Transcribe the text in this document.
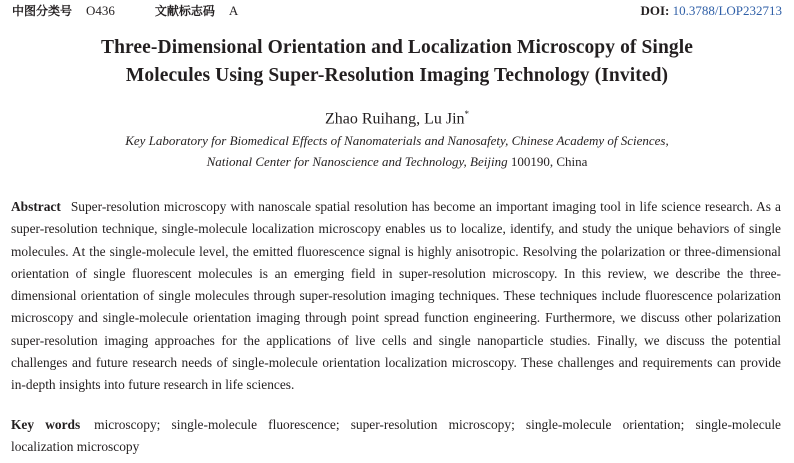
中图分类号 O436	文献标志码 A	DOI: 10.3788/LOP232713
Three-Dimensional Orientation and Localization Microscopy of Single
Molecules Using Super-Resolution Imaging Technology (Invited)
Zhao Ruihang, Lu Jin*
Key Laboratory for Biomedical Effects of Nanomaterials and Nanosafety, Chinese Academy of Sciences,
National Center for Nanoscience and Technology, Beijing 100190, China

Abstract Super-resolution microscopy with nanoscale spatial resolution has become an important imaging tool in life science research. As a super-resolution technique, single-molecule localization microscopy enables us to localize, identify, and study the unique behaviors of single molecules. At the single-molecule level, the emitted fluorescence signal is highly anisotropic. Resolving the polarization or three-dimensional orientation of single fluorescent molecules is an emerging field in super-resolution microscopy. In this review, we describe the three-dimensional orientation of single molecules through super-resolution imaging techniques. These techniques include fluorescence polarization microscopy and single-molecule orientation imaging through point spread function engineering. Furthermore, we discuss other polarization super-resolution imaging approaches for the applications of live cells and single nanoparticle studies. Finally, we discuss the potential challenges and future research needs of single-molecule orientation localization microscopy. These challenges and requirements can provide in-depth insights into future research in life sciences.

Key words microscopy; single-molecule fluorescence; super-resolution microscopy; single-molecule orientation; single-molecule localization microscopy
